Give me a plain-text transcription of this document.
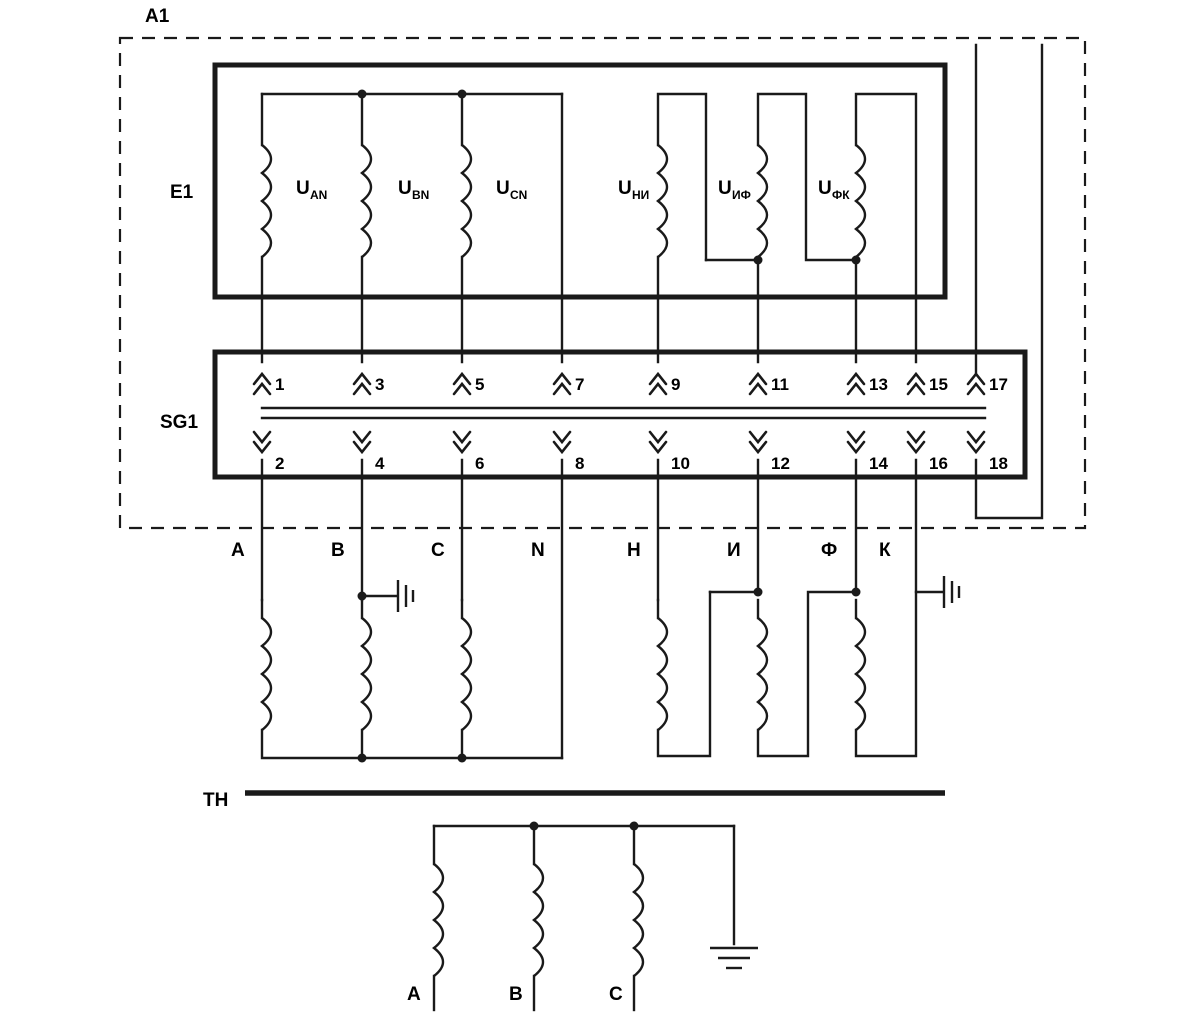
A1
E1
SG1
TH
U AN	U BN	U CN	U НИ	U ИФ	U ФК
1	3	5	7	9	11	13 15 17
2	4	6	8	10	12	14 16 18
A	B	C	N	Н	И	Ф К
A	B	C
